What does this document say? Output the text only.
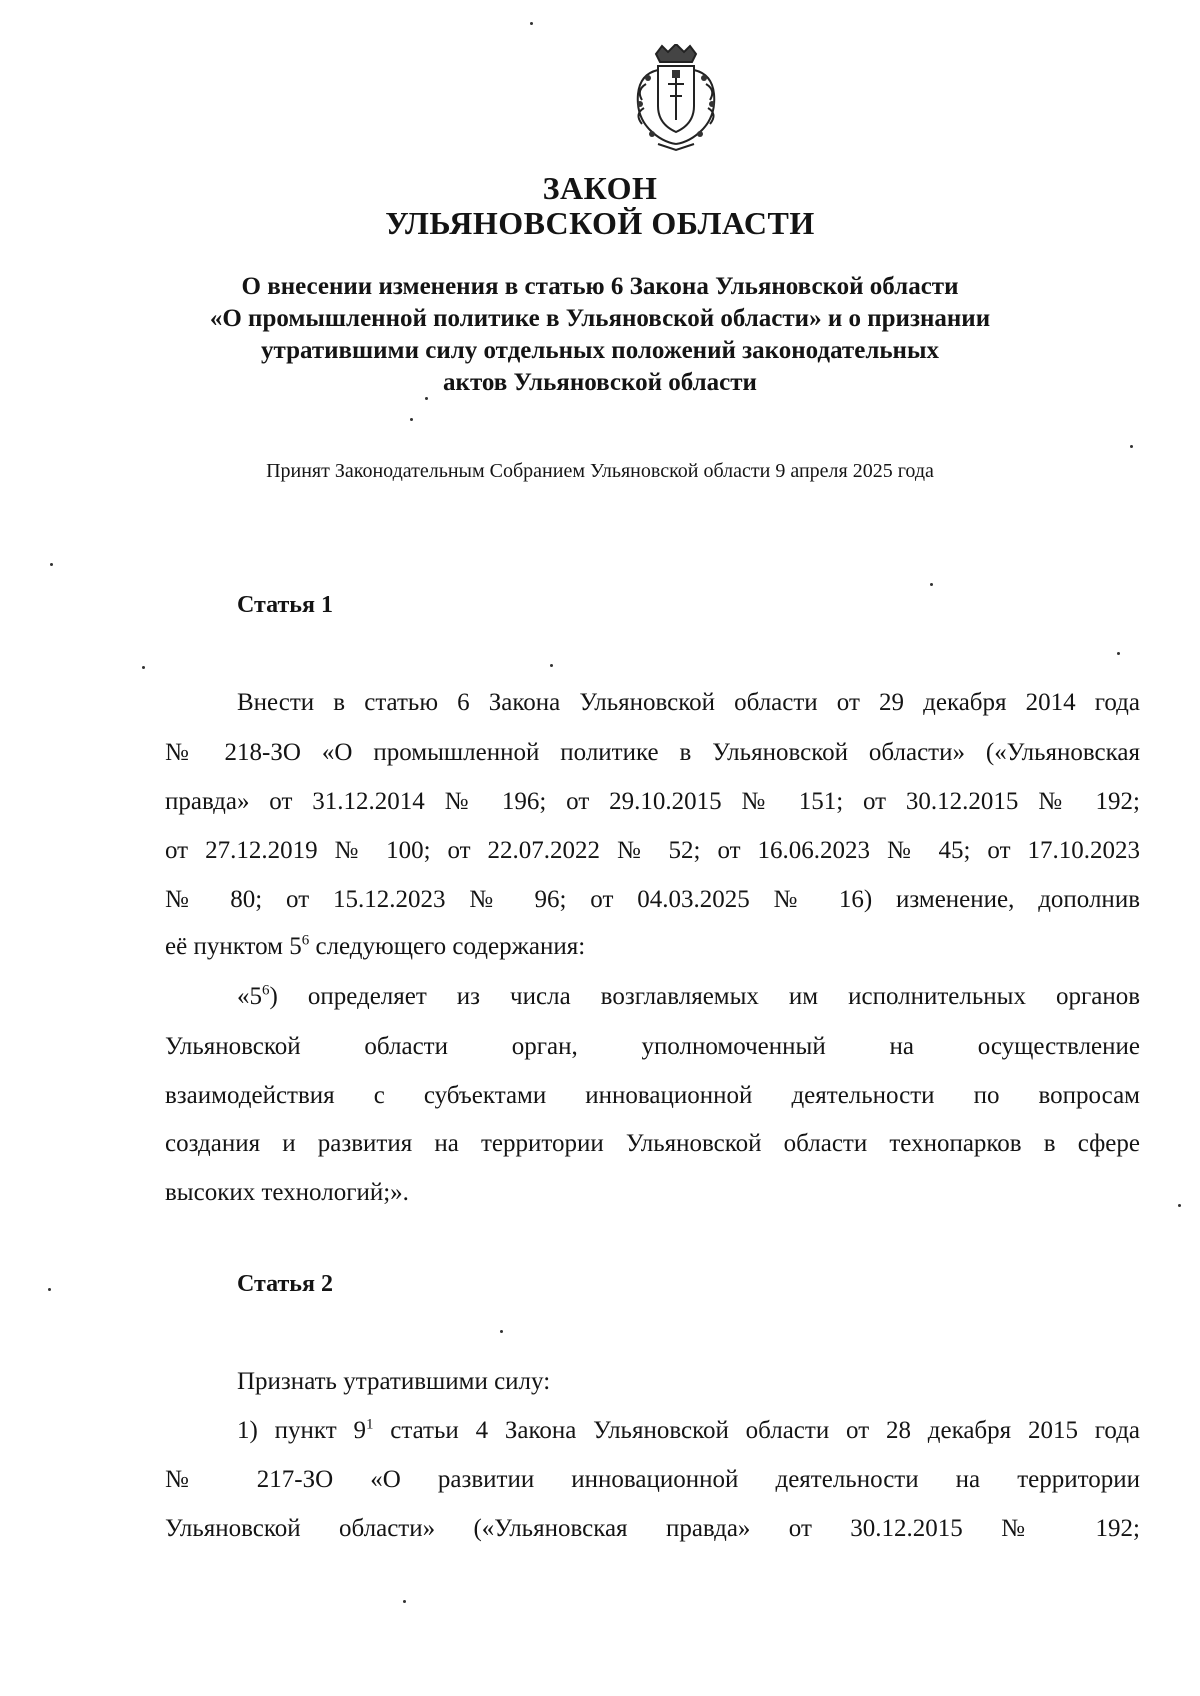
ЗАКОН
УЛЬЯНОВСКОЙ ОБЛАСТИ
О внесении изменения в статью 6 Закона Ульяновской области
«О промышленной политике в Ульяновской области» и о признании
утратившими силу отдельных положений законодательных
актов Ульяновской области
Принят Законодательным Собранием Ульяновской области 9 апреля 2025 года
Статья 1
Внести в статью 6 Закона Ульяновской области от 29 декабря 2014 года
№ 218-ЗО «О промышленной политике в Ульяновской области» («Ульяновская
правда» от 31.12.2014 № 196; от 29.10.2015 № 151; от 30.12.2015 № 192;
от 27.12.2019 № 100; от 22.07.2022 № 52; от 16.06.2023 № 45; от 17.10.2023
№ 80; от 15.12.2023 № 96; от 04.03.2025 № 16) изменение, дополнив
её пунктом $5^6$ следующего содержания:
«$5^6$) определяет из числа возглавляемых им исполнительных органов
Ульяновской области орган, уполномоченный на осуществление
взаимодействия с субъектами инновационной деятельности по вопросам
создания и развития на территории Ульяновской области технопарков в сфере
высоких технологий;».
Статья 2
Признать утратившими силу:
1) пункт $9^1$ статьи 4 Закона Ульяновской области от 28 декабря 2015 года
№ 217-ЗО «О развитии инновационной деятельности на территории
Ульяновской области» («Ульяновская правда» от 30.12.2015 № 192;
